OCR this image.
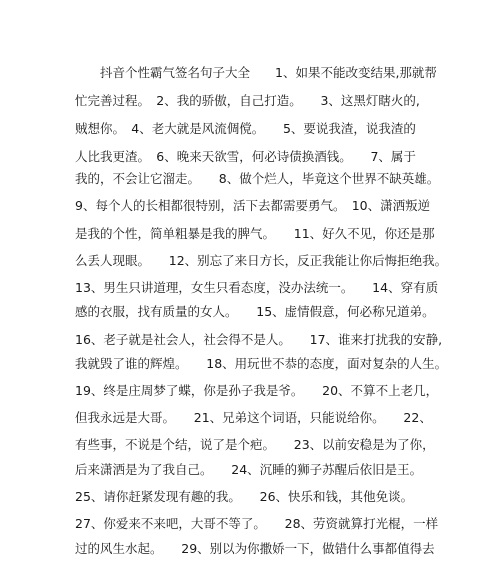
　　抖音个性霸气签名句子大全　　1、如果不能改变结果,那就帮
忙完善过程。　2、我的骄傲，自己打造。　　3、这黑灯瞎火的,
贼想你。　4、老大就是风流倜傥。　　5、要说我渣，说我渣的
人比我更渣。　6、晚来天欲雪，何必诗债换酒钱。　　7、属于
我的，不会让它溜走。　　8、做个烂人，毕竟这个世界不缺英雄。
9、每个人的长相都很特别，活下去都需要勇气。　10、潇洒叛逆
是我的个性，简单粗暴是我的脾气。　　11、好久不见，你还是那
么丢人现眼。　　12、别忘了来日方长，反正我能让你后悔拒绝我。
13、男生只讲道理，女生只看态度，没办法统一。　　14、穿有质
感的衣服，找有质量的女人。　　15、虚情假意，何必称兄道弟。
16、老子就是社会人，社会得不是人。　　17、谁来打扰我的安静,
我就毁了谁的辉煌。　　18、用玩世不恭的态度，面对复杂的人生。
19、终是庄周梦了蝶，你是孙子我是爷。　　20、不算不上老几，
但我永远是大哥。　　21、兄弟这个词语，只能说给你。　　22、
有些事，不说是个结，说了是个疤。　　23、以前安稳是为了你，
后来潇洒是为了我自己。　　24、沉睡的狮子苏醒后依旧是王。
25、请你赶紧发现有趣的我。　　26、快乐和钱，其他免谈。
27、你爱来不来吧，大哥不等了。　　28、劳资就算打光棍，一样
过的风生水起。　　29、别以为你撒娇一下，做错什么事都值得去
